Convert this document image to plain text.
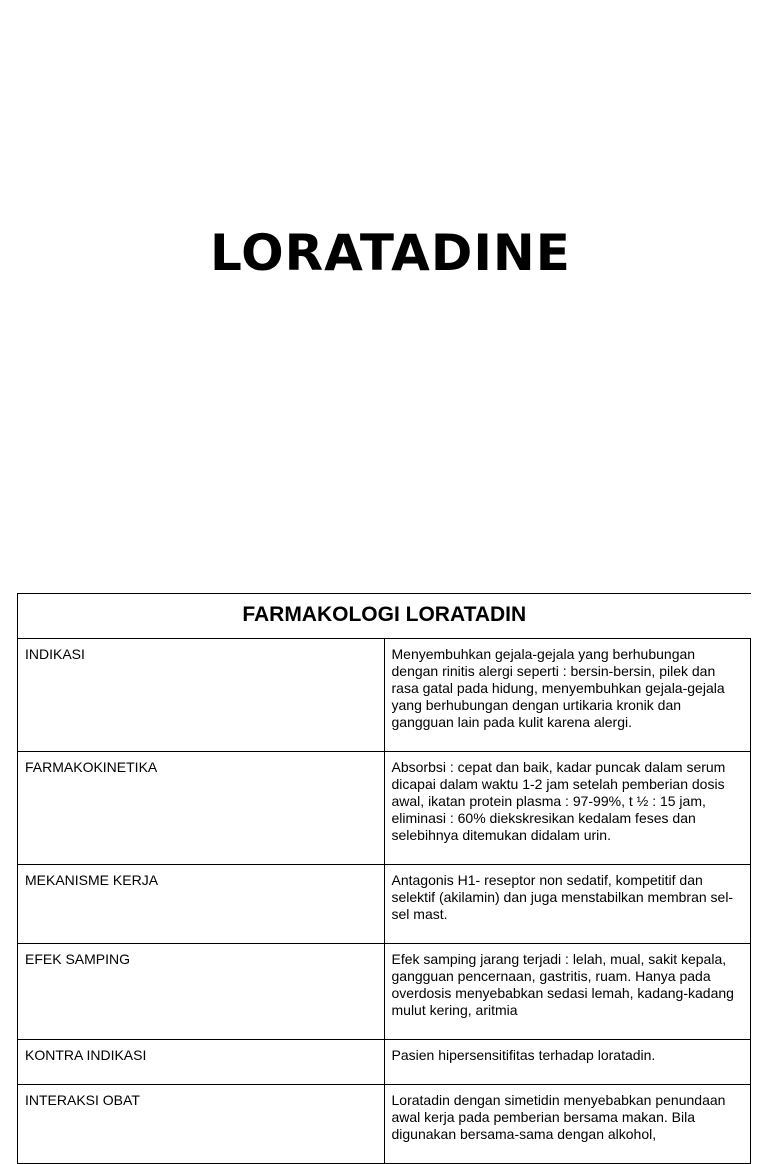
LORATADINE
FARMAKOLOGI LORATADIN	
INDIKASI	Menyembuhkan gejala-gejala yang berhubungan dengan rinitis alergi seperti : bersin-bersin, pilek dan rasa gatal pada hidung, menyembuhkan gejala-gejala yang berhubungan dengan urtikaria kronik dan gangguan lain pada kulit karena alergi.
FARMAKOKINETIKA	Absorbsi : cepat dan baik, kadar puncak dalam serum dicapai dalam waktu 1-2 jam setelah pemberian dosis awal, ikatan protein plasma : 97-99%, t ½ : 15 jam, eliminasi : 60% diekskresikan kedalam feses dan selebihnya ditemukan didalam urin.
MEKANISME KERJA	Antagonis H1- reseptor non sedatif, kompetitif dan selektif (akilamin) dan juga menstabilkan membran sel-sel mast.
EFEK SAMPING	Efek samping jarang terjadi : lelah, mual, sakit kepala, gangguan pencernaan, gastritis, ruam. Hanya pada overdosis menyebabkan sedasi lemah, kadang-kadang mulut kering, aritmia
KONTRA INDIKASI	Pasien hipersensitifitas terhadap loratadin.
INTERAKSI OBAT	Loratadin dengan simetidin menyebabkan penundaan awal kerja pada pemberian bersama makan. Bila digunakan bersama-sama dengan alkohol,
